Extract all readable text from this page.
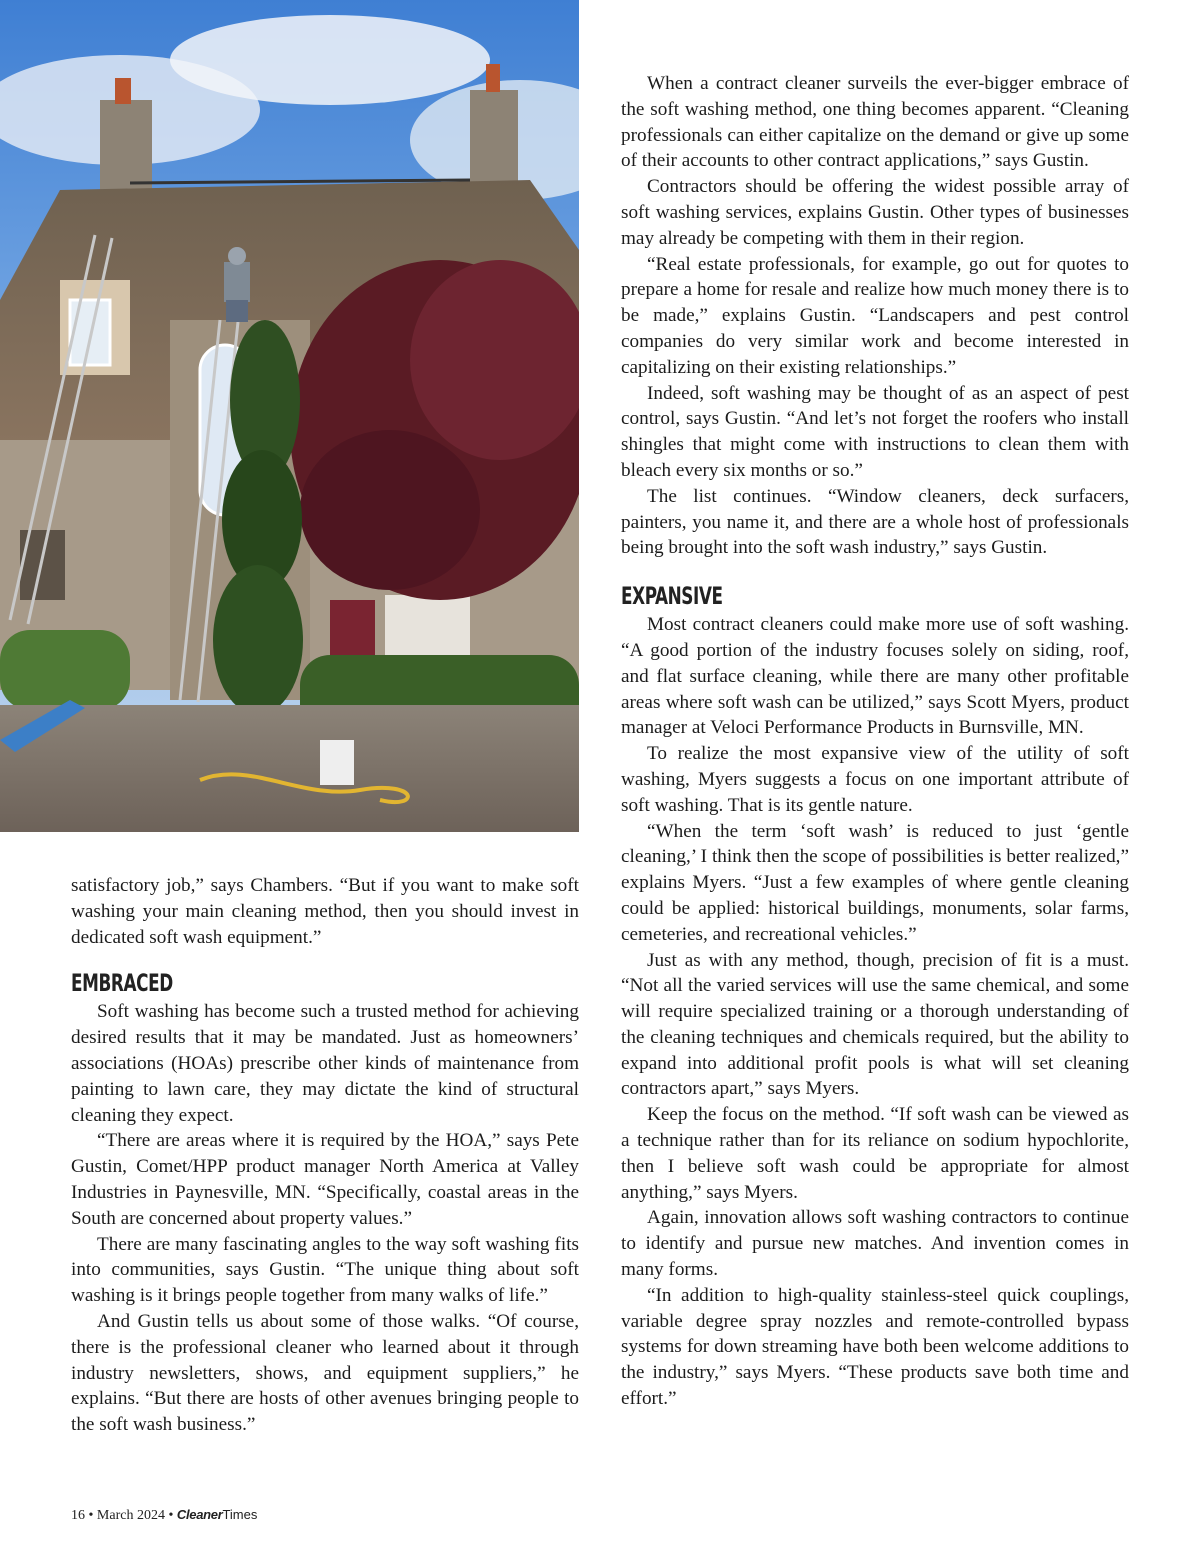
satisfactory job,” says Chambers. “But if you want to make soft washing your main cleaning method, then you should invest in dedicated soft wash equipment.”

EMBRACED

Soft washing has become such a trusted method for achieving desired results that it may be mandated. Just as homeowners’ associations (HOAs) prescribe other kinds of maintenance from painting to lawn care, they may dictate the kind of structural cleaning they expect.

“There are areas where it is required by the HOA,” says Pete Gustin, Comet/HPP product manager North America at Valley Industries in Paynesville, MN. “Specifically, coastal areas in the South are concerned about property values.”

There are many fascinating angles to the way soft washing fits into communities, says Gustin. “The unique thing about soft washing is it brings people together from many walks of life.”

And Gustin tells us about some of those walks. “Of course, there is the professional cleaner who learned about it through industry newsletters, shows, and equipment suppliers,” he explains. “But there are hosts of other avenues bringing people to the soft wash business.”

When a contract cleaner surveils the ever-bigger embrace of the soft washing method, one thing becomes apparent. “Cleaning professionals can either capitalize on the demand or give up some of their accounts to other contract applications,” says Gustin.

Contractors should be offering the widest possible array of soft washing services, explains Gustin. Other types of businesses may already be competing with them in their region.

“Real estate professionals, for example, go out for quotes to prepare a home for resale and realize how much money there is to be made,” explains Gustin. “Landscapers and pest control companies do very similar work and become interested in capitalizing on their existing relationships.”

Indeed, soft washing may be thought of as an aspect of pest control, says Gustin. “And let’s not forget the roofers who install shingles that might come with instructions to clean them with bleach every six months or so.”

The list continues. “Window cleaners, deck surfacers, painters, you name it, and there are a whole host of professionals being brought into the soft wash industry,” says Gustin.

EXPANSIVE

Most contract cleaners could make more use of soft washing. “A good portion of the industry focuses solely on siding, roof, and flat surface cleaning, while there are many other profitable areas where soft wash can be utilized,” says Scott Myers, product manager at Veloci Performance Products in Burnsville, MN.

To realize the most expansive view of the utility of soft washing, Myers suggests a focus on one important attribute of soft washing. That is its gentle nature.

“When the term ‘soft wash’ is reduced to just ‘gentle cleaning,’ I think then the scope of possibilities is better realized,” explains Myers. “Just a few examples of where gentle cleaning could be applied: historical buildings, monuments, solar farms, cemeteries, and recreational vehicles.”

Just as with any method, though, precision of fit is a must. “Not all the varied services will use the same chemical, and some will require specialized training or a thorough understanding of the cleaning techniques and chemicals required, but the ability to expand into additional profit pools is what will set cleaning contractors apart,” says Myers.

Keep the focus on the method. “If soft wash can be viewed as a technique rather than for its reliance on sodium hypochlorite, then I believe soft wash could be appropriate for almost anything,” says Myers.

Again, innovation allows soft washing contractors to continue to identify and pursue new matches. And invention comes in many forms.

“In addition to high-quality stainless-steel quick couplings, variable degree spray nozzles and remote-controlled bypass systems for down streaming have both been welcome additions to the industry,” says Myers. “These products save both time and effort.”

16 • March 2024 • CleanerTimes
